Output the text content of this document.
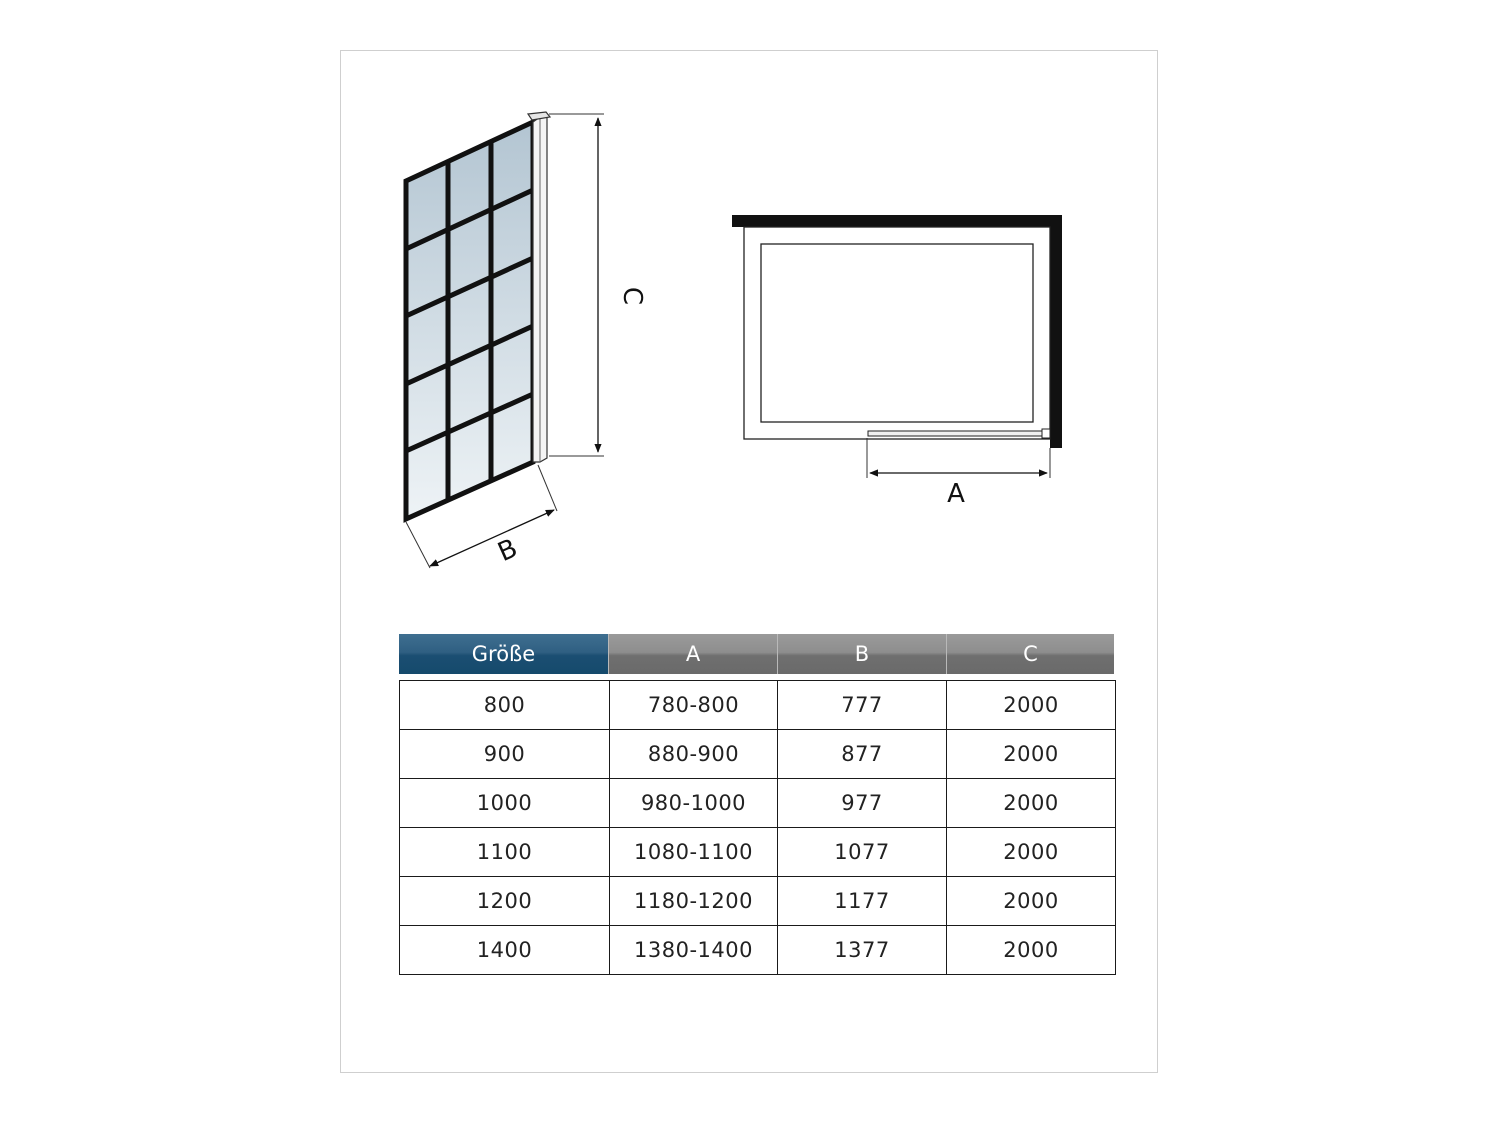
C
B
A
Größe	A	B	C
800	780-800	777	2000
900	880-900	877	2000
1000	980-1000	977	2000
1100	1080-1100	1077	2000
1200	1180-1200	1177	2000
1400	1380-1400	1377	2000
